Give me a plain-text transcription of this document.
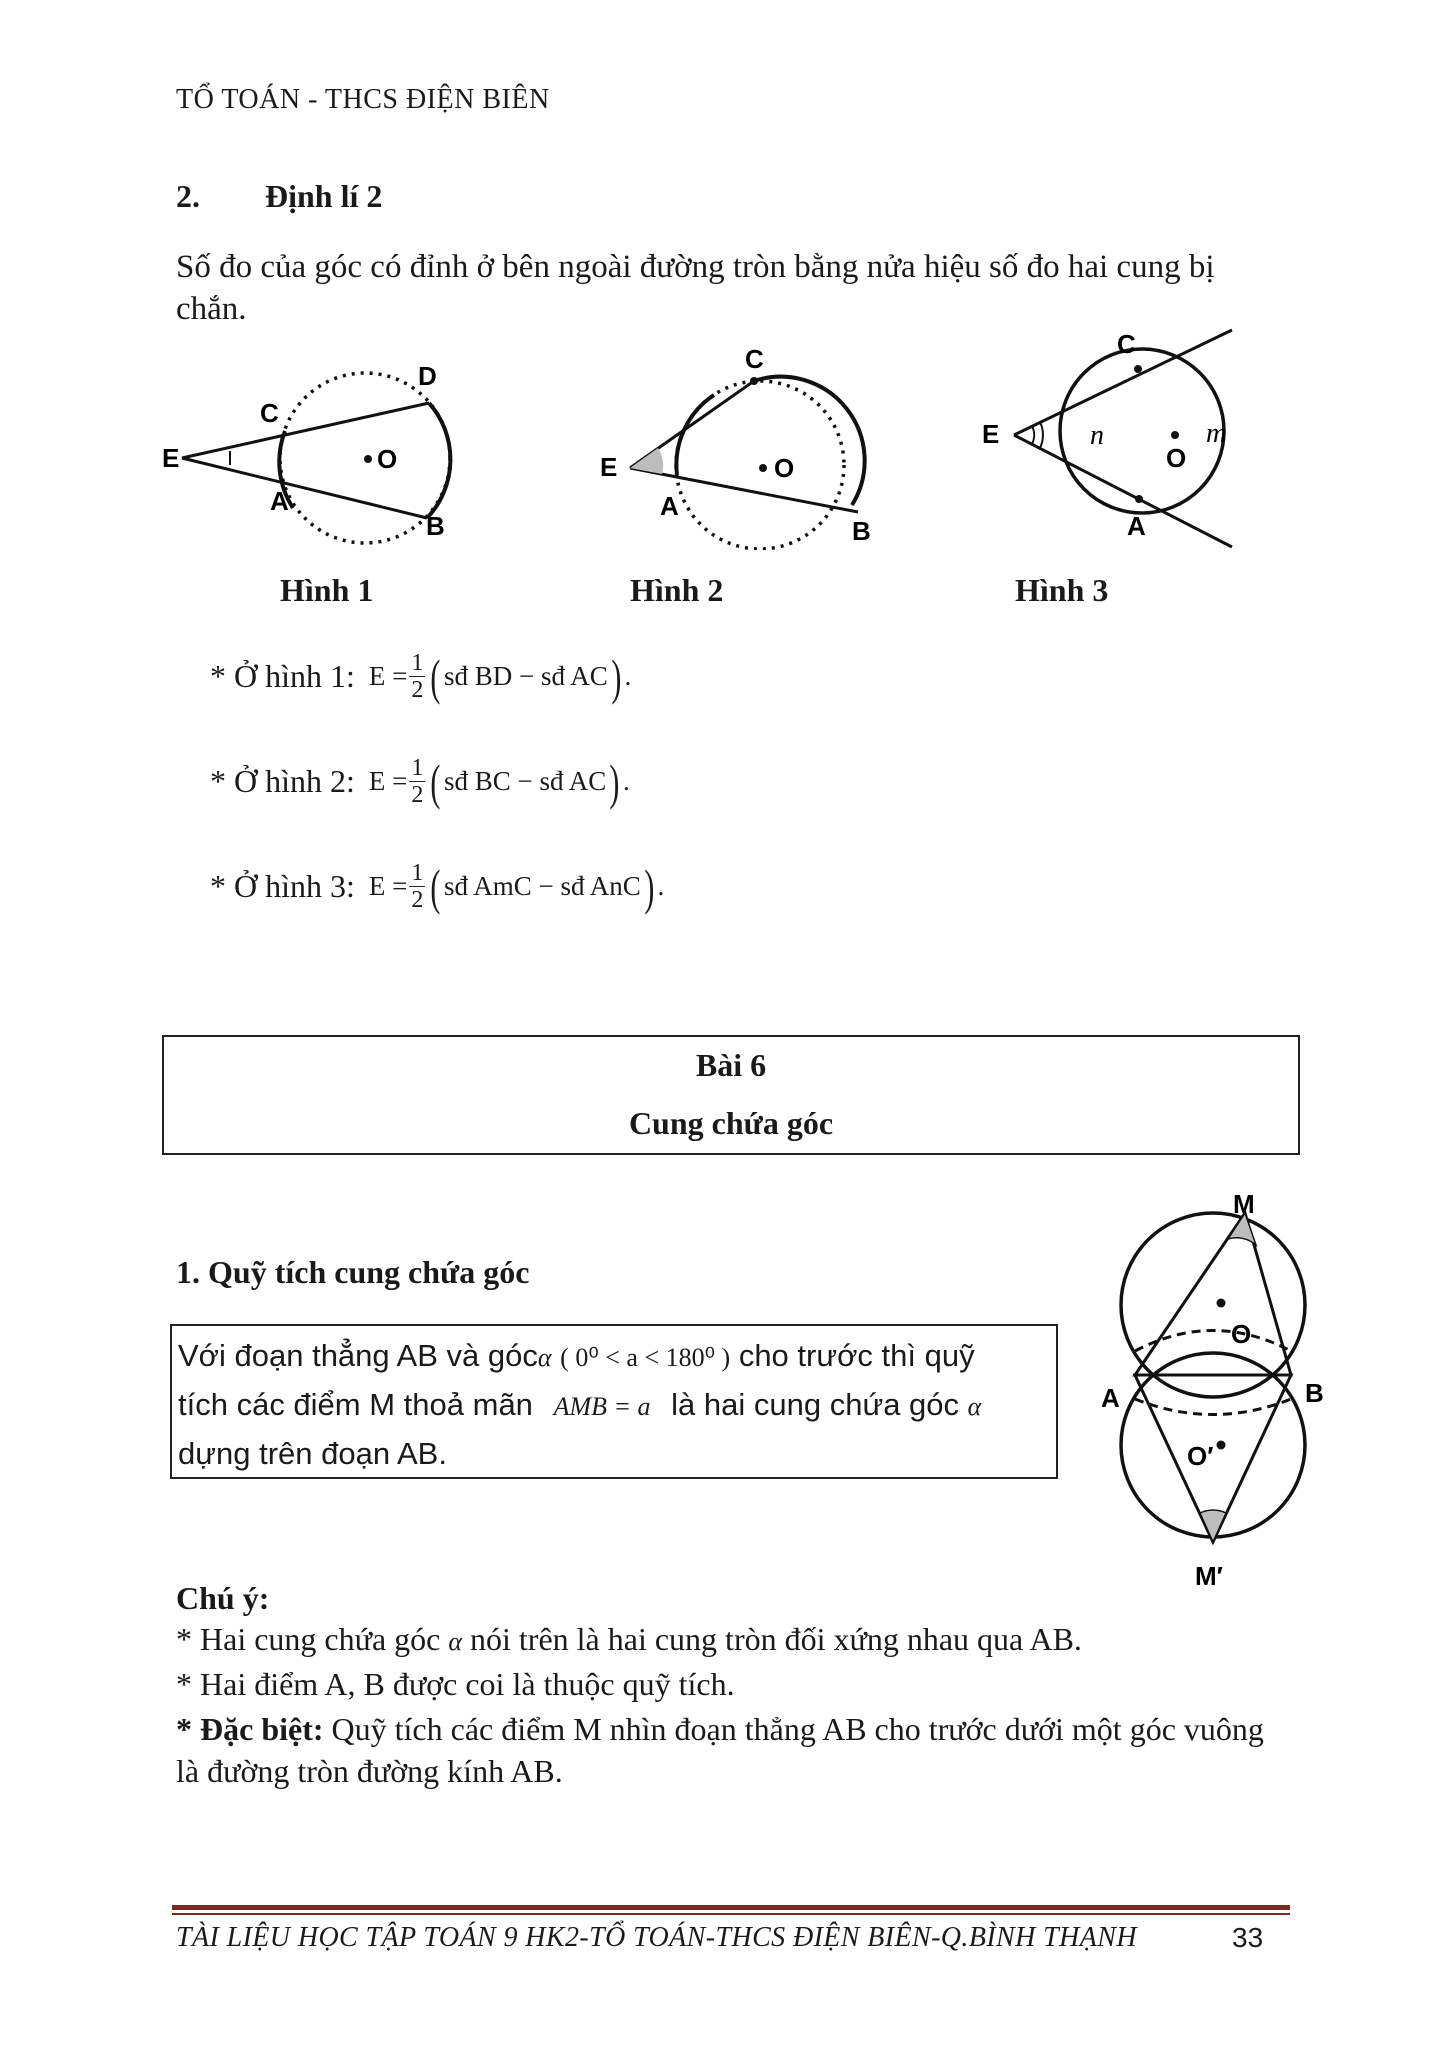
TỔ TOÁN - THCS ĐIỆN BIÊN
2. Định lí 2
Số đo của góc có đỉnh ở bên ngoài đường tròn bằng nửa hiệu số đo hai cung bị chắn.
E
C
D
A
B
O	E
C
A
B
O
E
C
A
O
n	m
Hình 1	Hình 2	Hình 3
* Ở hình 1: $E = \frac{1}{2}$ ( sđ BD − sđ AC ) .
* Ở hình 2: $E = \frac{1}{2}$ ( sđ BC − sđ AC ) .
* Ở hình 3: $E = \frac{1}{2}$ ( sđ AmC − sđ AnC ) .
Bài 6
Cung chứa góc
1. Quỹ tích cung chứa góc
Với đoạn thẳng AB và gócα ( 0⁰ < a < 180⁰ ) cho trước thì quỹ
tích các điểm M thoả mãn AMB = a là hai cung chứa góc α
dựng trên đoạn AB.
M
O
A	B
O′
M′
Chú ý:
* Hai cung chứa góc α nói trên là hai cung tròn đối xứng nhau qua AB.
* Hai điểm A, B được coi là thuộc quỹ tích.
* Đặc biệt: Quỹ tích các điểm M nhìn đoạn thẳng AB cho trước dưới một góc vuông là đường tròn đường kính AB.
TÀI LIỆU HỌC TẬP TOÁN 9 HK2-TỔ TOÁN-THCS ĐIỆN BIÊN-Q.BÌNH THẠNH	33
